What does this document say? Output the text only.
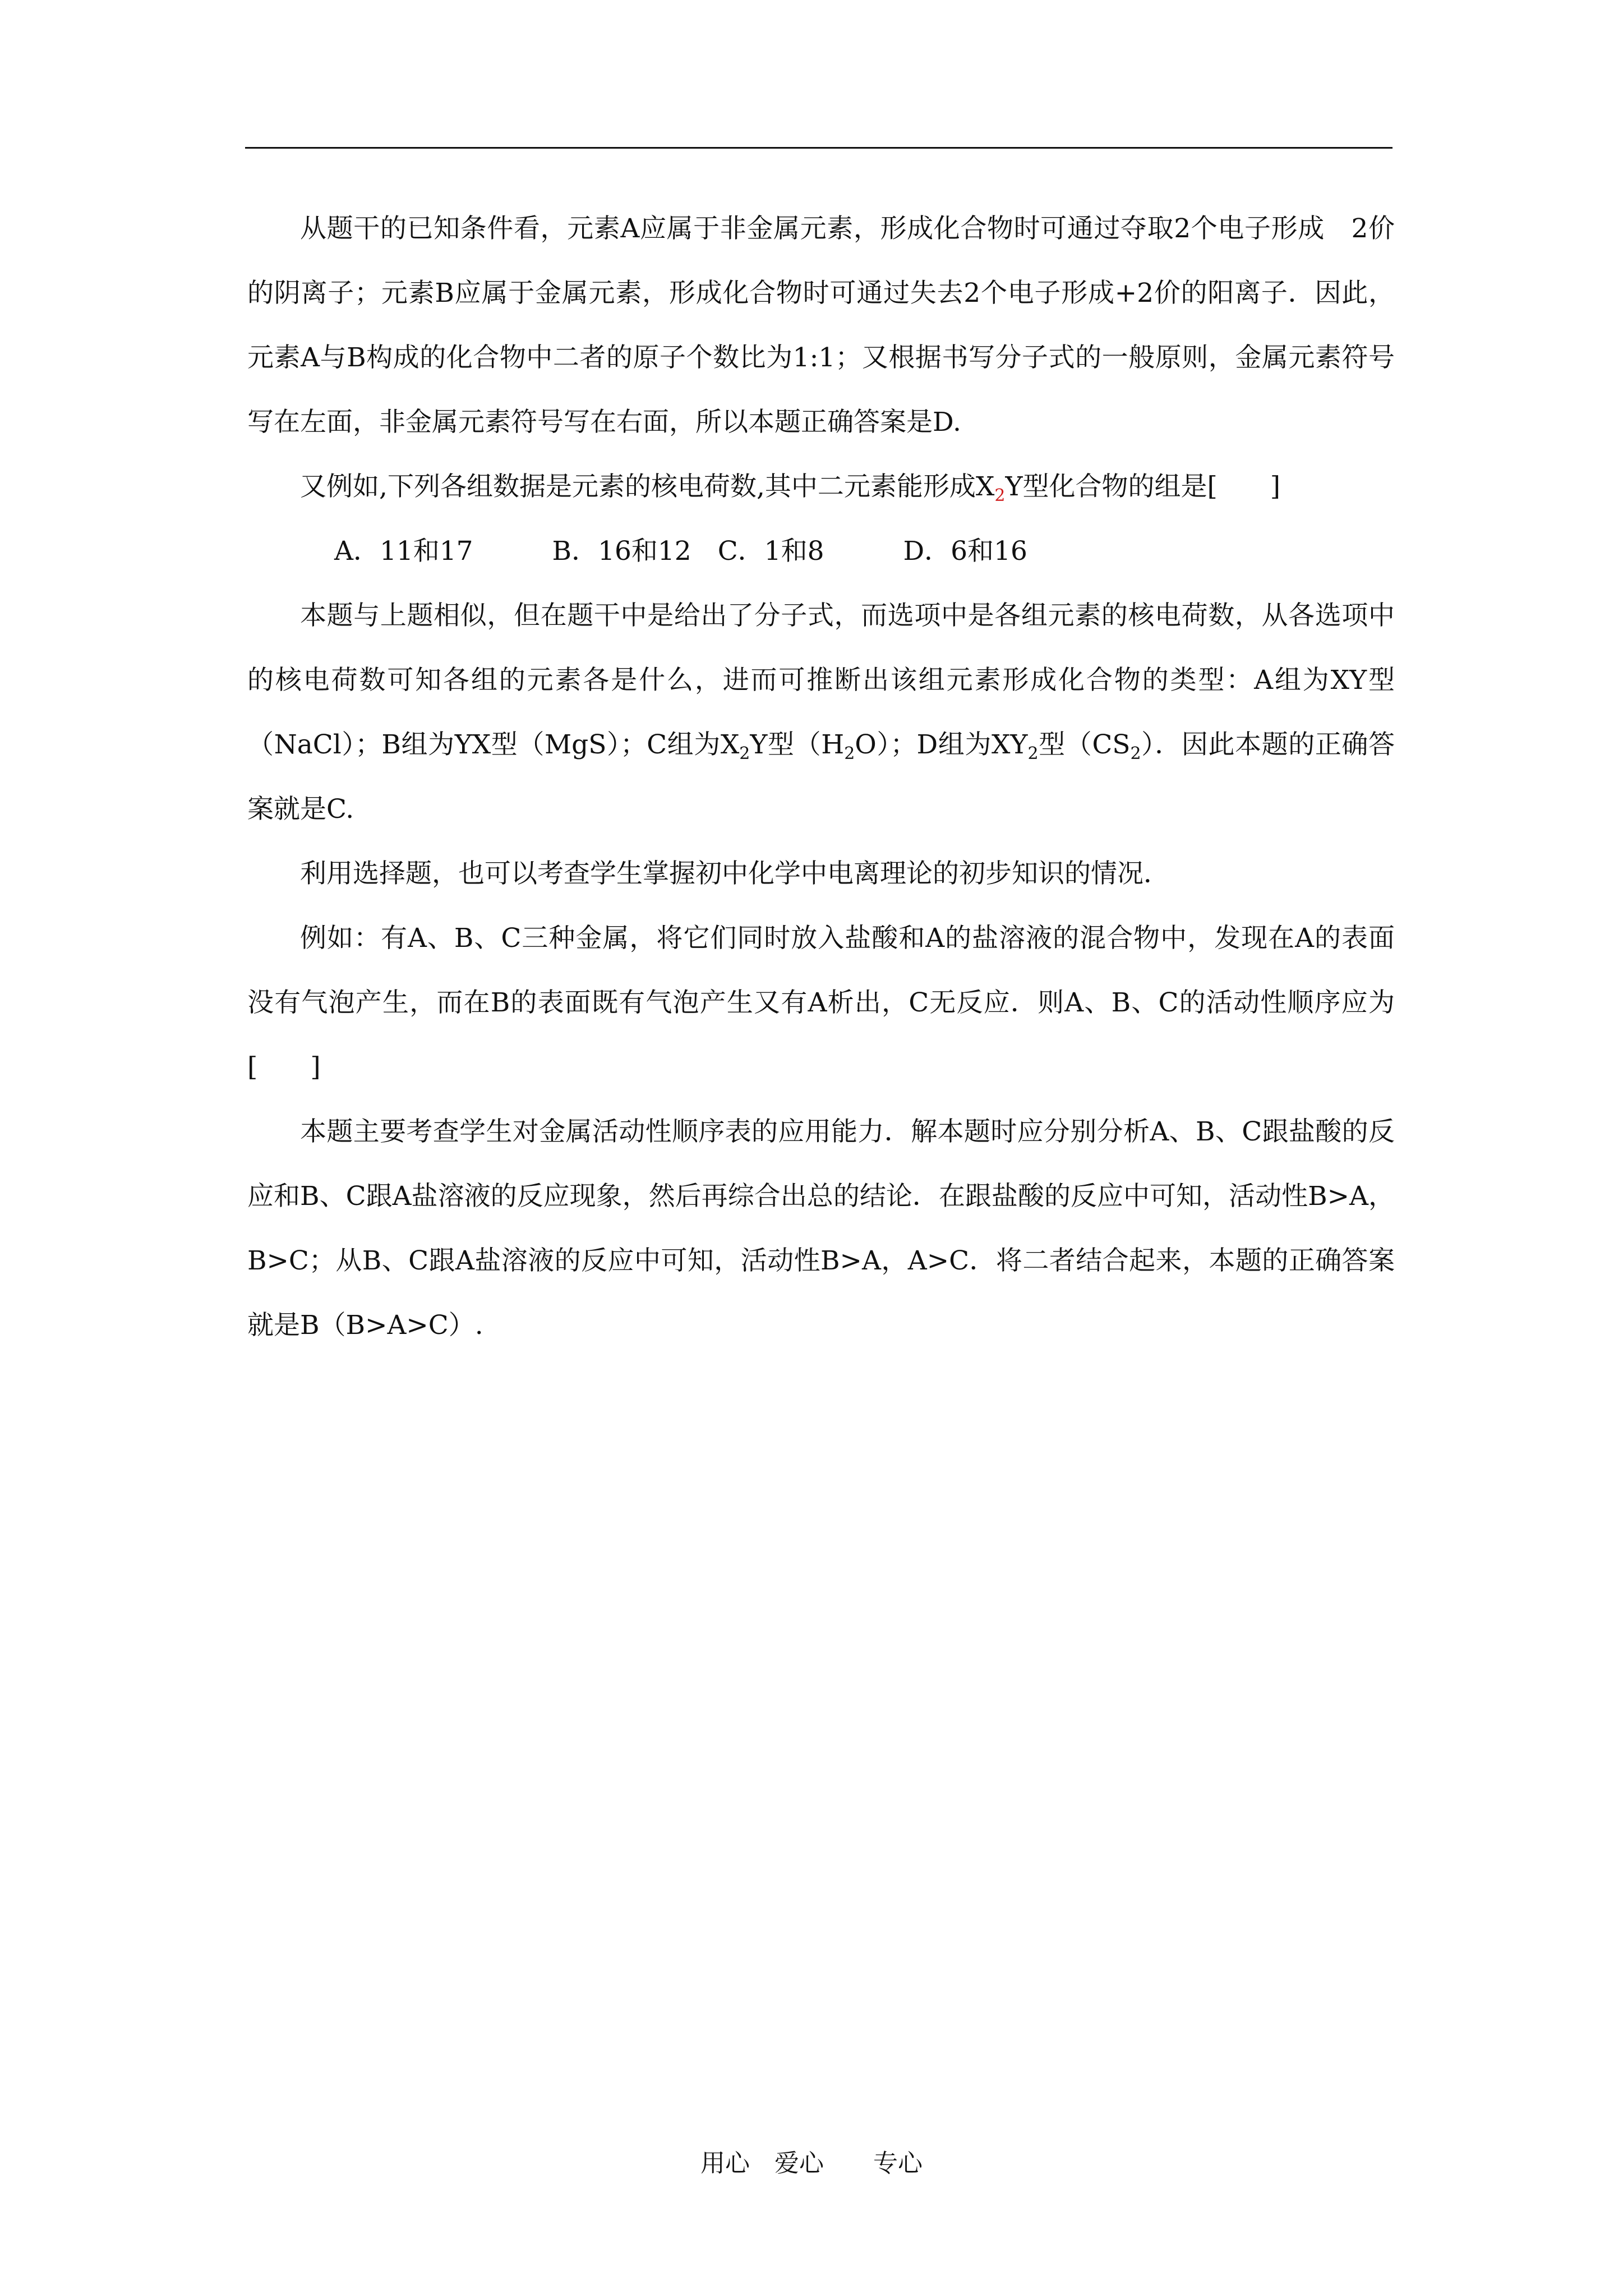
从题干的已知条件看，元素A应属于非金属元素，形成化合物时可通过夺取2个电子形成　2价的阴离子；元素B应属于金属元素，形成化合物时可通过失去2个电子形成+2价的阳离子．因此，元素A与B构成的化合物中二者的原子个数比为1:1；又根据书写分子式的一般原则，金属元素符号写在左面，非金属元素符号写在右面，所以本题正确答案是D.

又例如,下列各组数据是元素的核电荷数,其中二元素能形成$X_2Y$型化合物的组是[　　]

A．11和17　　　B．16和12　C．1和8　　　D．6和16

本题与上题相似，但在题干中是给出了分子式，而选项中是各组元素的核电荷数，从各选项中的核电荷数可知各组的元素各是什么，进而可推断出该组元素形成化合物的类型：A组为XY型（NaCl）；B组为YX型（MgS）；C组为$X_2Y$型$(H_2O)$；D组为$XY_2$型$(CS_2)$．因此本题的正确答案就是C.

利用选择题，也可以考查学生掌握初中化学中电离理论的初步知识的情况．

例如：有A、B、C三种金属，将它们同时放入盐酸和A的盐溶液的混合物中，发现在A的表面没有气泡产生，而在B的表面既有气泡产生又有A析出，C无反应．则A、B、C的活动性顺序应为　　　　[　　]

本题主要考查学生对金属活动性顺序表的应用能力．解本题时应分别分析A、B、C跟盐酸的反应和B、C跟A盐溶液的反应现象，然后再综合出总的结论．在跟盐酸的反应中可知，活动性B>A，B>C；从B、C跟A盐溶液的反应中可知，活动性B>A，A>C．将二者结合起来，本题的正确答案就是B（B>A>C）.

用心　爱心　　专心
